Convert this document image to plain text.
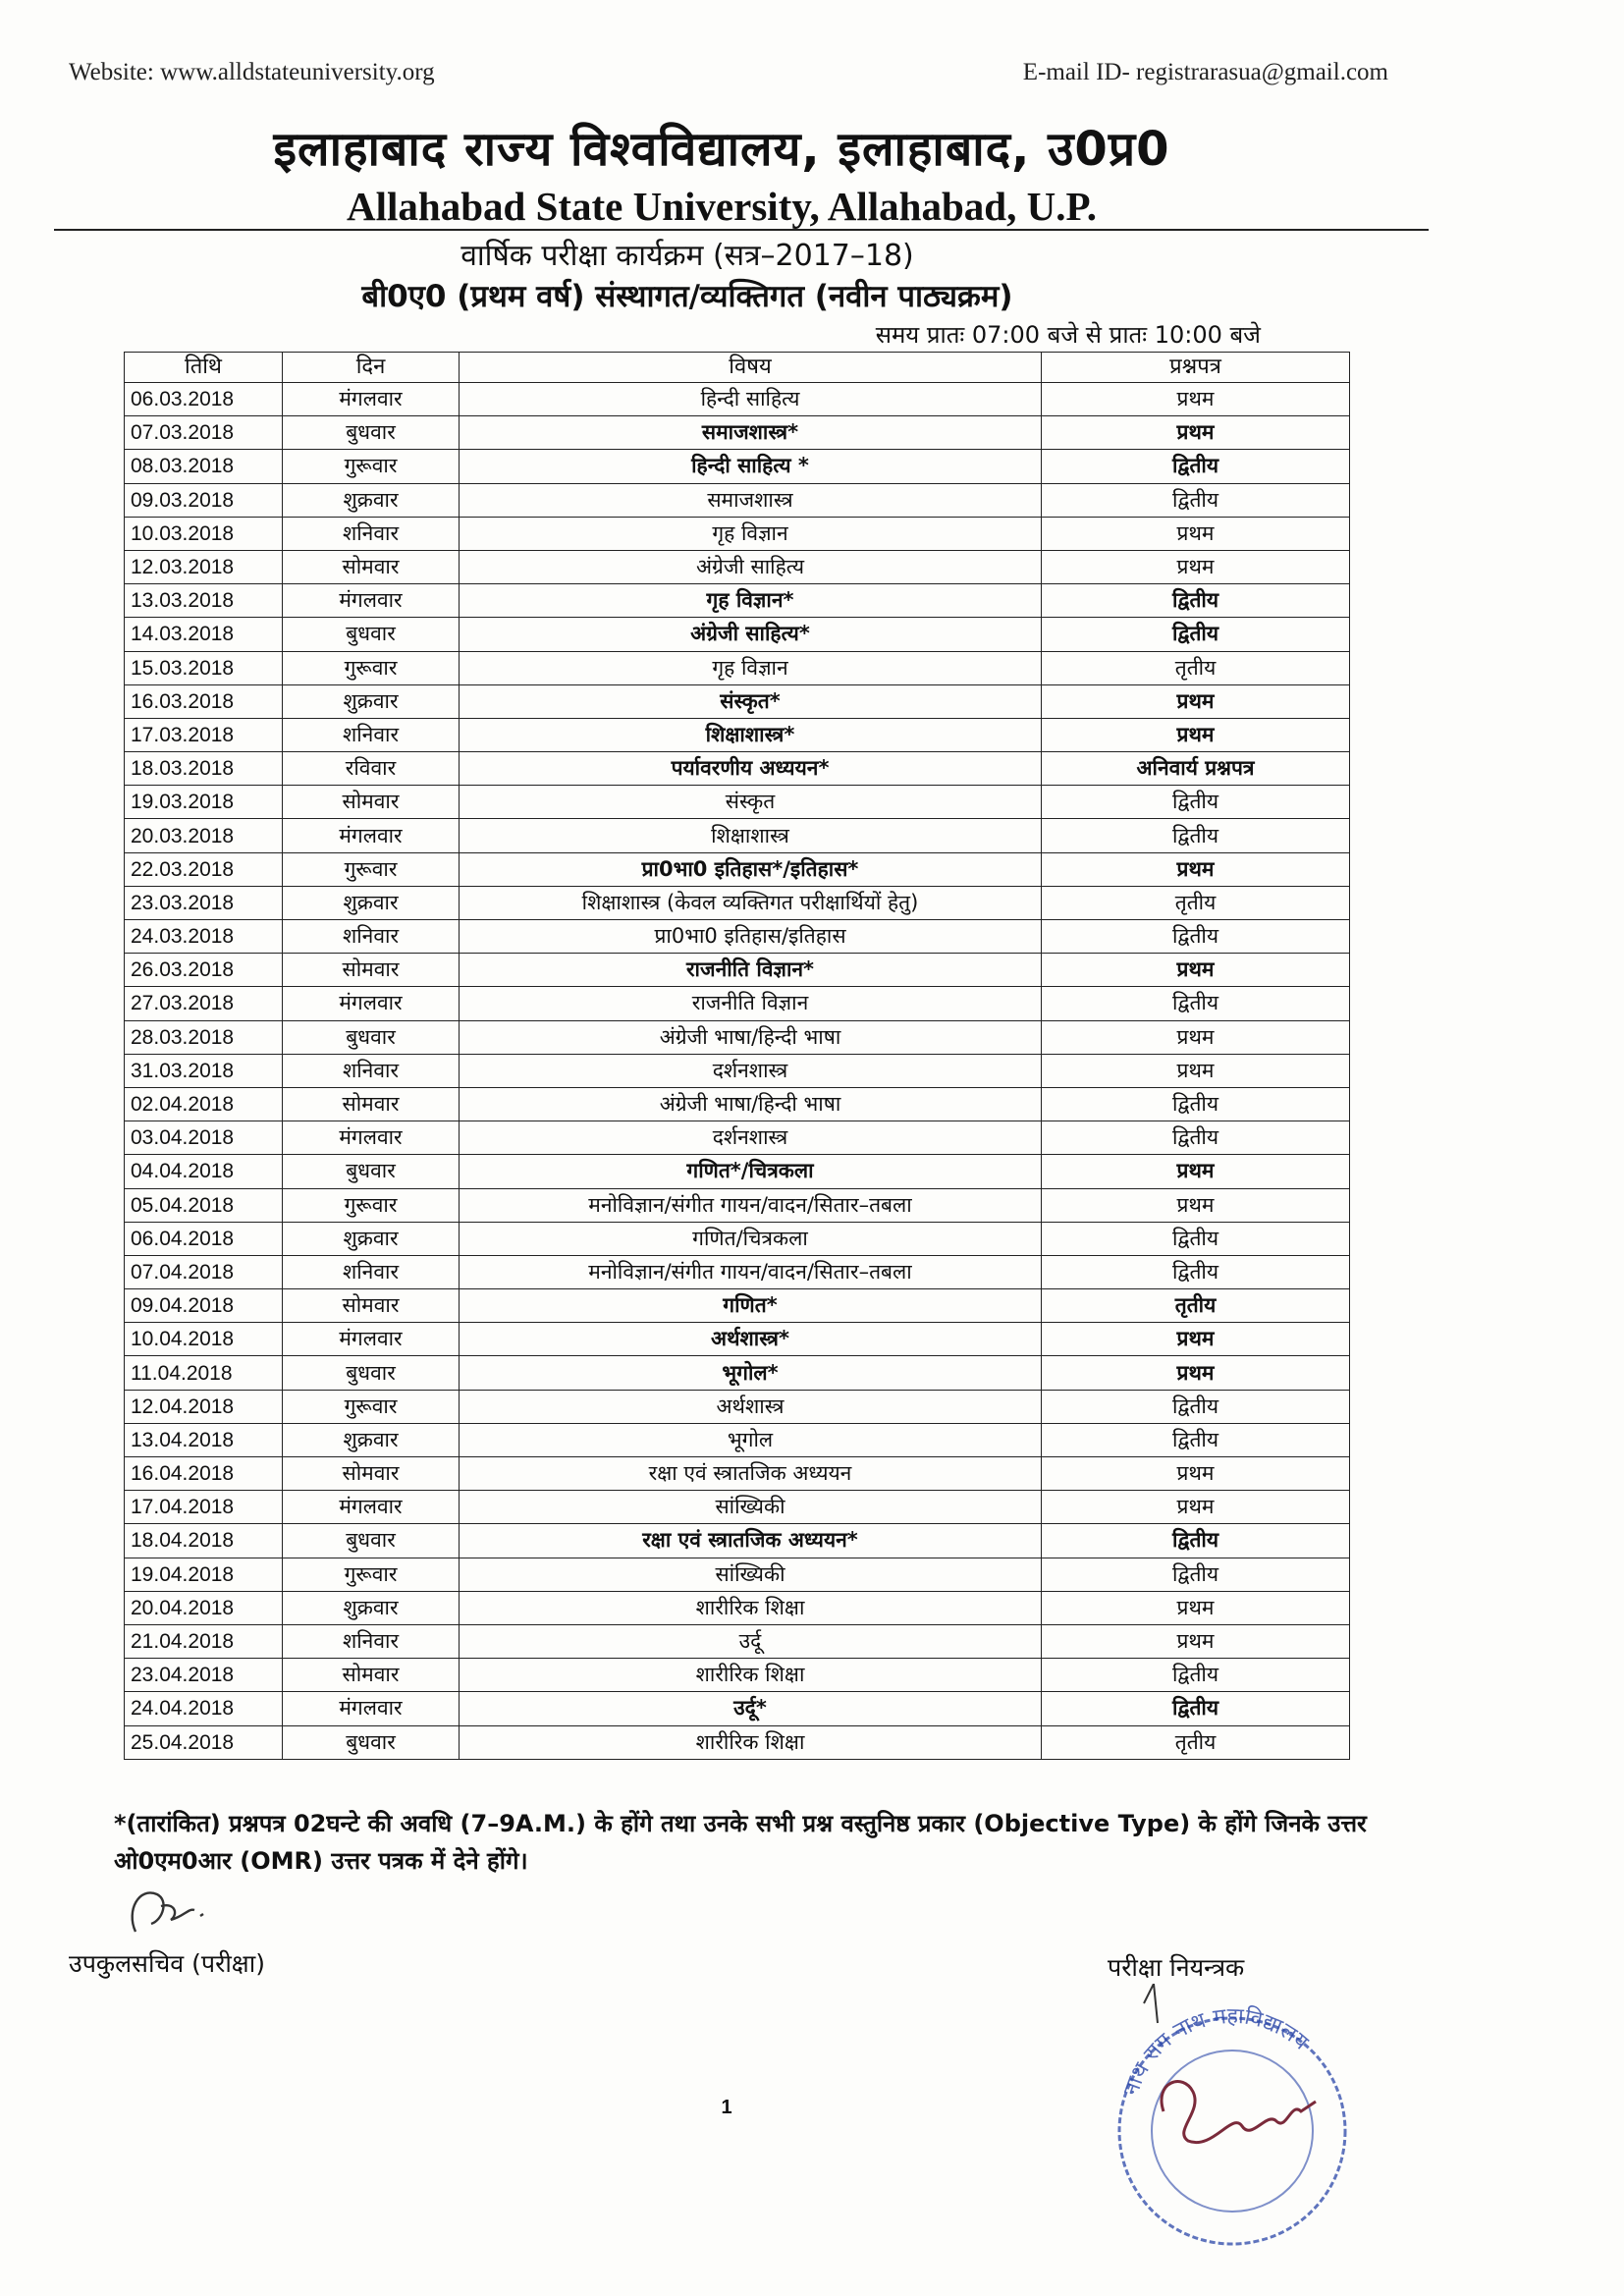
Website: www.alldstateuniversity.org	E-mail ID- registrarasua@gmail.com
इलाहाबाद राज्य विश्वविद्यालय, इलाहाबाद, उ0प्र0
Allahabad State University, Allahabad, U.P.
वार्षिक परीक्षा कार्यक्रम (सत्र–2017–18)
बी0ए0 (प्रथम वर्ष) संस्थागत/व्यक्तिगत (नवीन पाठ्यक्रम)
समय प्रातः 07:00 बजे से प्रातः 10:00 बजे
तिथि	दिन	विषय	प्रश्नपत्र
06.03.2018	मंगलवार	हिन्दी साहित्य	प्रथम
07.03.2018	बुधवार	समाजशास्त्र*	प्रथम
08.03.2018	गुरूवार	हिन्दी साहित्य *	द्वितीय
09.03.2018	शुक्रवार	समाजशास्त्र	द्वितीय
10.03.2018	शनिवार	गृह विज्ञान	प्रथम
12.03.2018	सोमवार	अंग्रेजी साहित्य	प्रथम
13.03.2018	मंगलवार	गृह विज्ञान*	द्वितीय
14.03.2018	बुधवार	अंग्रेजी साहित्य*	द्वितीय
15.03.2018	गुरूवार	गृह विज्ञान	तृतीय
16.03.2018	शुक्रवार	संस्कृत*	प्रथम
17.03.2018	शनिवार	शिक्षाशास्त्र*	प्रथम
18.03.2018	रविवार	पर्यावरणीय अध्ययन*	अनिवार्य प्रश्नपत्र
19.03.2018	सोमवार	संस्कृत	द्वितीय
20.03.2018	मंगलवार	शिक्षाशास्त्र	द्वितीय
22.03.2018	गुरूवार	प्रा0भा0 इतिहास*/इतिहास*	प्रथम
23.03.2018	शुक्रवार	शिक्षाशास्त्र (केवल व्यक्तिगत परीक्षार्थियों हेतु)	तृतीय
24.03.2018	शनिवार	प्रा0भा0 इतिहास/इतिहास	द्वितीय
26.03.2018	सोमवार	राजनीति विज्ञान*	प्रथम
27.03.2018	मंगलवार	राजनीति विज्ञान	द्वितीय
28.03.2018	बुधवार	अंग्रेजी भाषा/हिन्दी भाषा	प्रथम
31.03.2018	शनिवार	दर्शनशास्त्र	प्रथम
02.04.2018	सोमवार	अंग्रेजी भाषा/हिन्दी भाषा	द्वितीय
03.04.2018	मंगलवार	दर्शनशास्त्र	द्वितीय
04.04.2018	बुधवार	गणित*/चित्रकला	प्रथम
05.04.2018	गुरूवार	मनोविज्ञान/संगीत गायन/वादन/सितार–तबला	प्रथम
06.04.2018	शुक्रवार	गणित/चित्रकला	द्वितीय
07.04.2018	शनिवार	मनोविज्ञान/संगीत गायन/वादन/सितार–तबला	द्वितीय
09.04.2018	सोमवार	गणित*	तृतीय
10.04.2018	मंगलवार	अर्थशास्त्र*	प्रथम
11.04.2018	बुधवार	भूगोल*	प्रथम
12.04.2018	गुरूवार	अर्थशास्त्र	द्वितीय
13.04.2018	शुक्रवार	भूगोल	द्वितीय
16.04.2018	सोमवार	रक्षा एवं स्त्रातजिक अध्ययन	प्रथम
17.04.2018	मंगलवार	सांख्यिकी	प्रथम
18.04.2018	बुधवार	रक्षा एवं स्त्रातजिक अध्ययन*	द्वितीय
19.04.2018	गुरूवार	सांख्यिकी	द्वितीय
20.04.2018	शुक्रवार	शारीरिक शिक्षा	प्रथम
21.04.2018	शनिवार	उर्दू	प्रथम
23.04.2018	सोमवार	शारीरिक शिक्षा	द्वितीय
24.04.2018	मंगलवार	उर्दू*	द्वितीय
25.04.2018	बुधवार	शारीरिक शिक्षा	तृतीय
*(तारांकित) प्रश्नपत्र 02घन्टे की अवधि (7–9A.M.) के होंगे तथा उनके सभी प्रश्न वस्तुनिष्ठ प्रकार (Objective Type) के होंगे जिनके उत्तर ओ0एम0आर (OMR) उत्तर पत्रक में देने होंगे।
उपकुलसचिव (परीक्षा)	परीक्षा नियन्त्रक
नाथ राम नाथ महाविद्यालय
1
